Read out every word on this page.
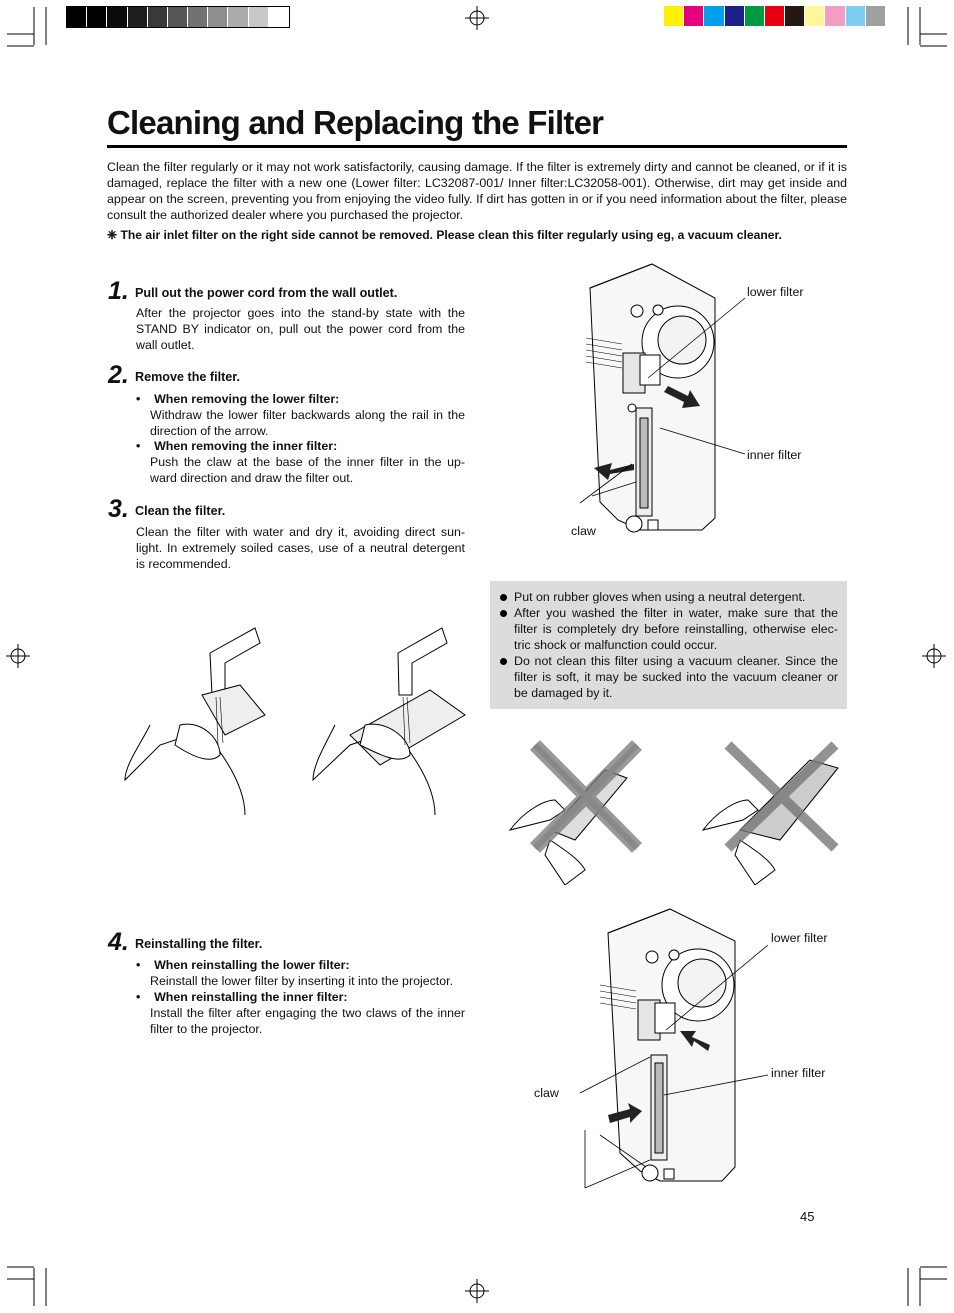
Cleaning and Replacing the Filter
Clean the filter regularly or it may not work satisfactorily, causing damage. If the filter is extremely dirty and cannot be cleaned, or if it is damaged, replace the filter with a new one (Lower filter: LC32087-001/ Inner filter:LC32058-001). Otherwise, dirt may get inside and appear on the screen, preventing you from enjoying the video fully. If dirt has gotten in or if you need information about the filter, please consult the authorized dealer where you purchased the projector.
❈ The air inlet filter on the right side cannot be removed. Please clean this filter regularly using eg, a vacuum cleaner.
1. Pull out the power cord from the wall outlet.
After the projector goes into the stand-by state with the STAND BY indicator on, pull out the power cord from the wall outlet.
2. Remove the filter.
•    When removing the lower filter:
Withdraw the lower filter backwards along the rail in the direction of the arrow.
•    When removing the inner filter:
Push the claw at the base of the inner filter in the up-ward direction and draw the filter out.
3. Clean the filter.
Clean the filter with water and dry it, avoiding direct sun-light. In extremely soiled cases, use of a neutral detergent is recommended.
Put on rubber gloves when using a neutral detergent.
After you washed the filter in water, make sure that the filter is completely dry before reinstalling, otherwise elec-tric shock or malfunction could occur.
Do not clean this filter using a vacuum cleaner. Since the filter is soft, it may be sucked into the vacuum cleaner or be damaged by it.
4. Reinstalling the filter.
•    When reinstalling the lower filter:
Reinstall the lower filter by inserting it into the projector.
•    When reinstalling the inner filter:
Install the filter after engaging the two claws of the inner filter to the projector.
lower filter
inner filter
claw
lower filter
inner filter
claw
45
